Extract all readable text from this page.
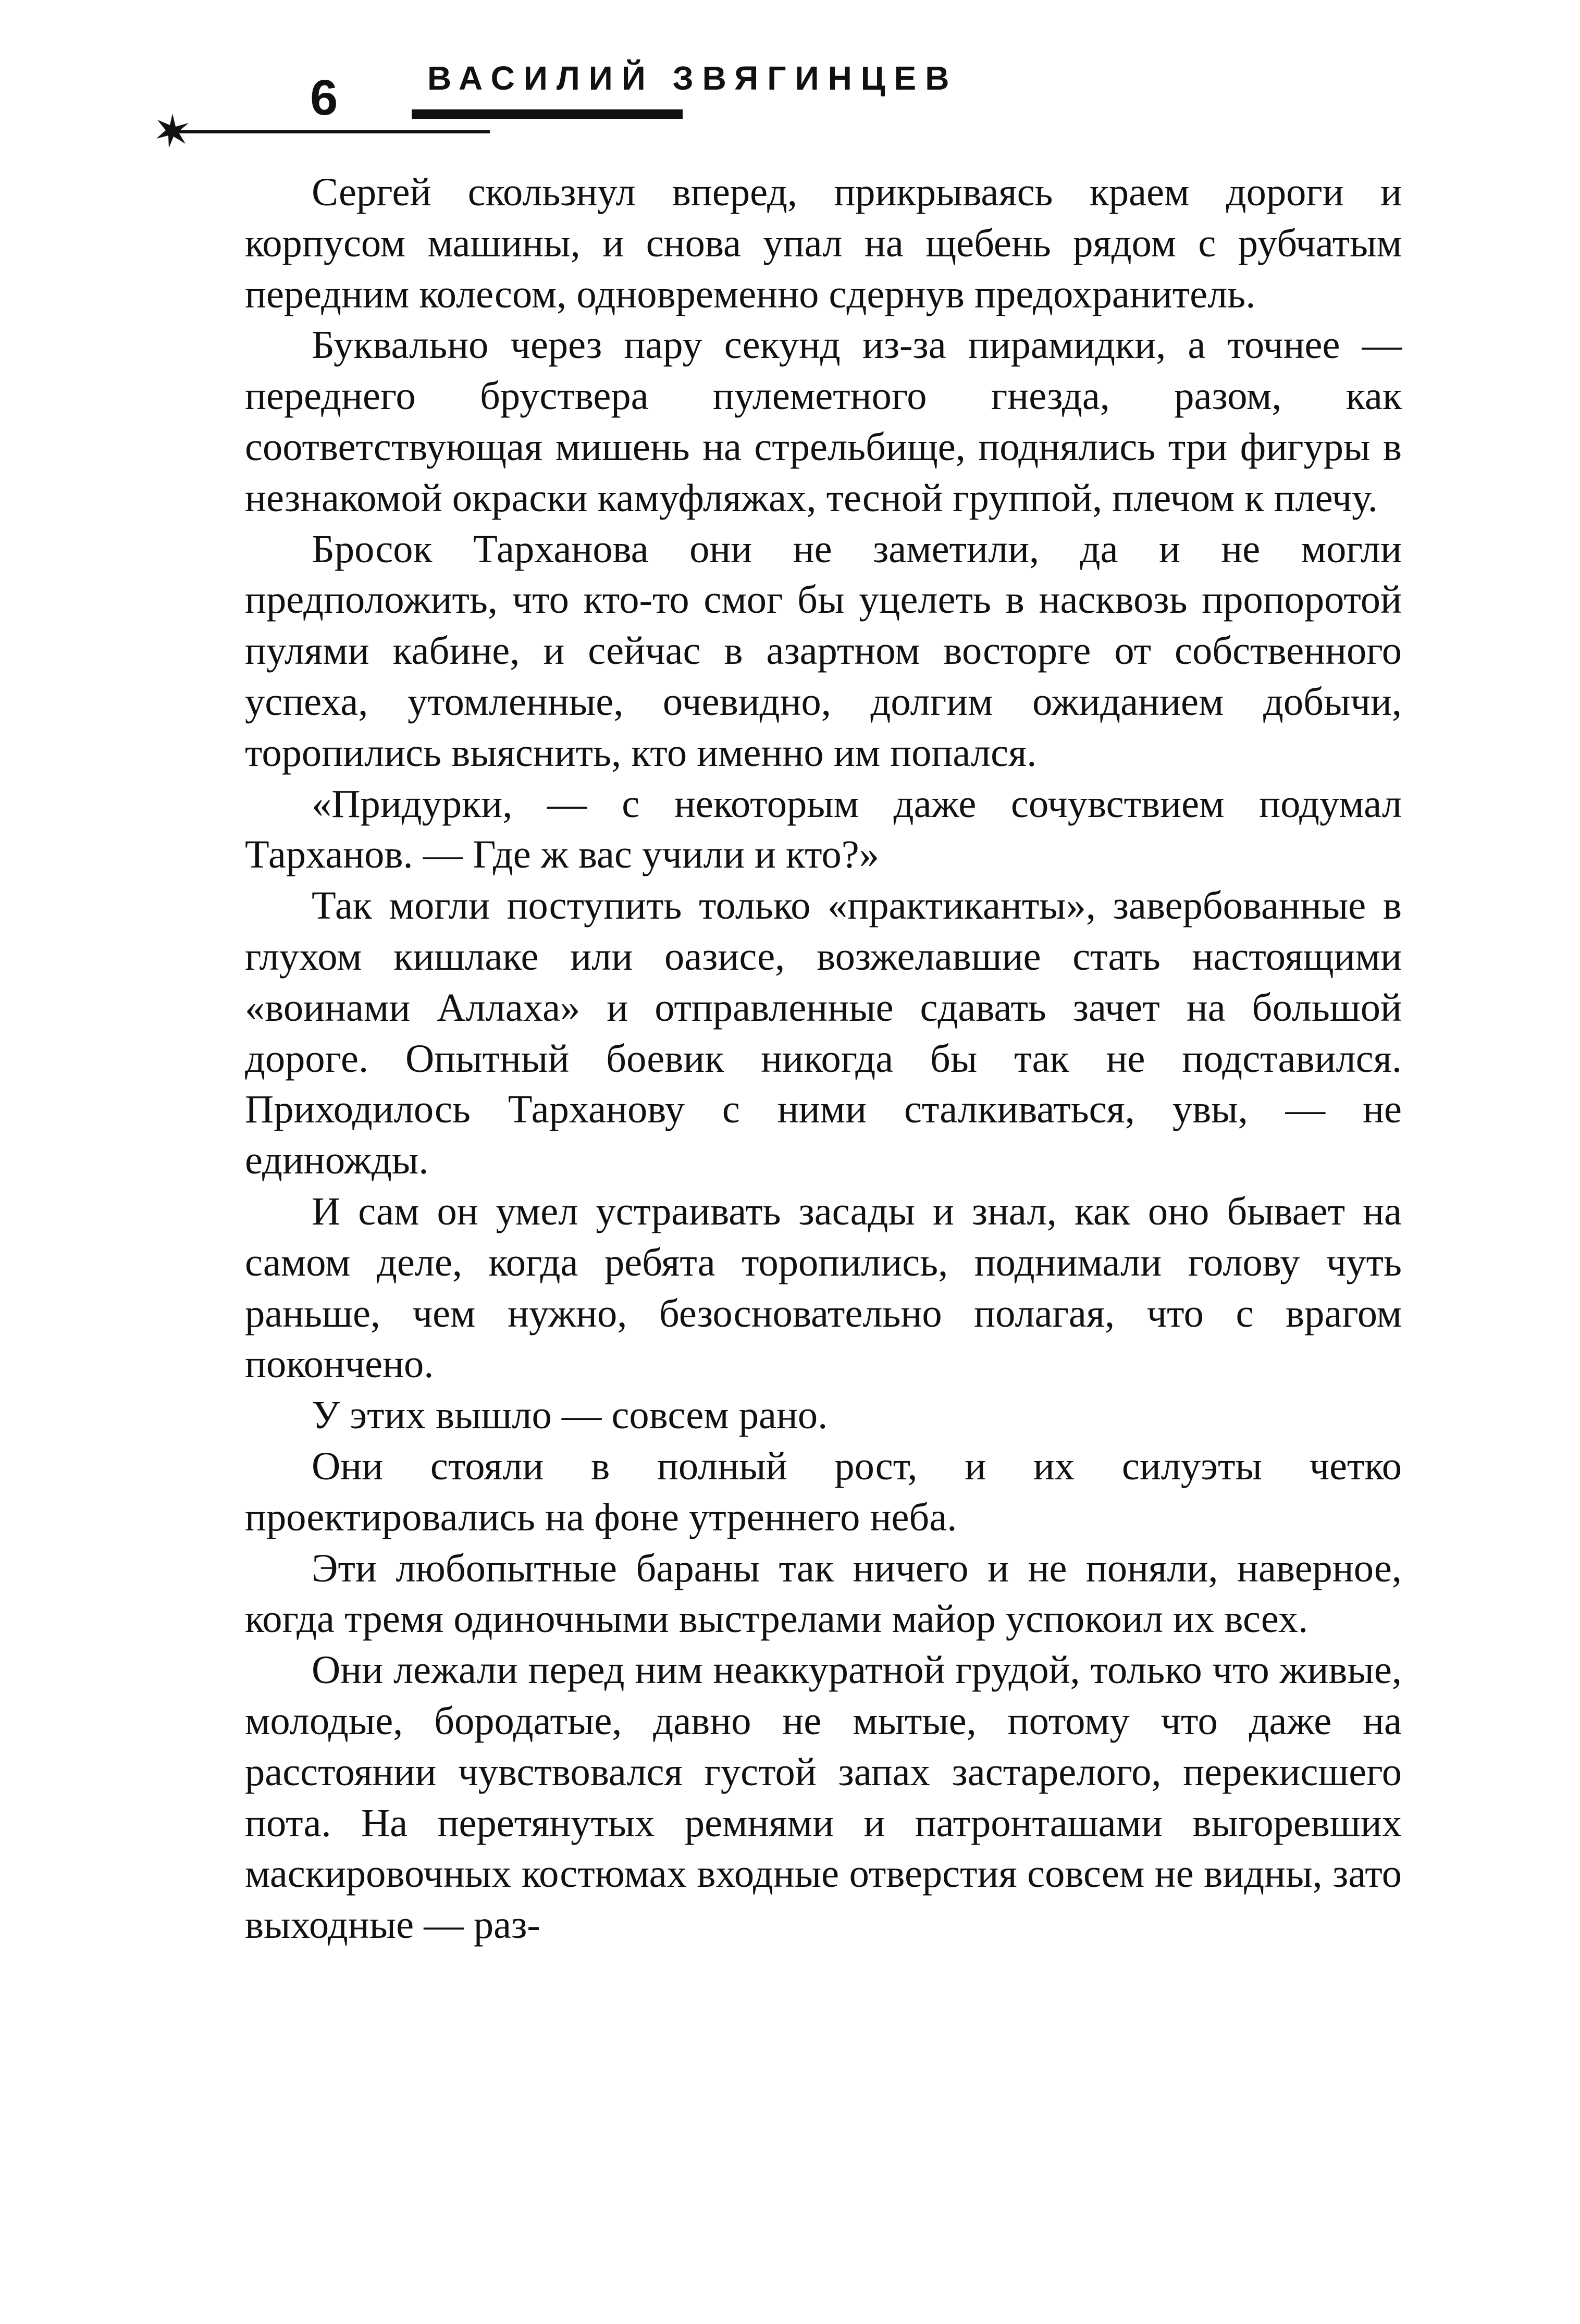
6	ВАСИЛИЙ ЗВЯГИНЦЕВ

Сергей скользнул вперед, прикрываясь краем дороги и корпусом машины, и снова упал на щебень рядом с рубчатым передним колесом, одновременно сдернув предохранитель.

Буквально через пару секунд из-за пирамидки, а точнее — переднего бруствера пулеметного гнезда, разом, как соответствующая мишень на стрельбище, поднялись три фигуры в незнакомой окраски камуфляжах, тесной группой, плечом к плечу.

Бросок Тарханова они не заметили, да и не могли предположить, что кто-то смог бы уцелеть в насквозь пропоротой пулями кабине, и сейчас в азартном восторге от собственного успеха, утомленные, очевидно, долгим ожиданием добычи, торопились выяснить, кто именно им попался.

«Придурки, — с некоторым даже сочувствием подумал Тарханов. — Где ж вас учили и кто?»

Так могли поступить только «практиканты», завербованные в глухом кишлаке или оазисе, возжелавшие стать настоящими «воинами Аллаха» и отправленные сдавать зачет на большой дороге. Опытный боевик никогда бы так не подставился. Приходилось Тарханову с ними сталкиваться, увы, — не единожды.

И сам он умел устраивать засады и знал, как оно бывает на самом деле, когда ребята торопились, поднимали голову чуть раньше, чем нужно, безосновательно полагая, что с врагом покончено.

У этих вышло — совсем рано.

Они стояли в полный рост, и их силуэты четко проектировались на фоне утреннего неба.

Эти любопытные бараны так ничего и не поняли, наверное, когда тремя одиночными выстрелами майор успокоил их всех.

Они лежали перед ним неаккуратной грудой, только что живые, молодые, бородатые, давно не мытые, потому что даже на расстоянии чувствовался густой запах застарелого, перекисшего пота. На перетянутых ремнями и патронташами выгоревших маскировочных костюмах входные отверстия совсем не видны, зато выходные — раз-
